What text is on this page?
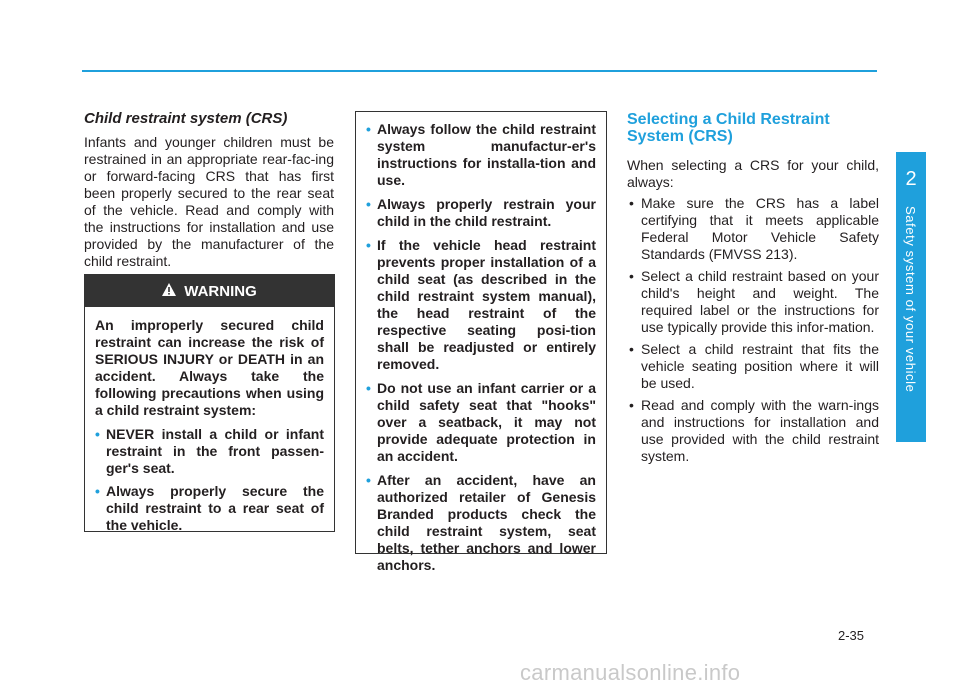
2
Safety system of your vehicle
Child restraint system (CRS)

Infants and younger children must be restrained in an appropriate rear-fac-ing or forward-facing CRS that has first been properly secured to the rear seat of the vehicle. Read and comply with the instructions for installation and use provided by the manufacturer of the child restraint.

WARNING

An improperly secured child restraint can increase the risk of SERIOUS INJURY or DEATH in an accident. Always take the following precautions when using a child restraint system:

• NEVER install a child or infant restraint in the front passen-ger's seat.
• Always properly secure the child restraint to a rear seat of the vehicle.
• Always follow the child restraint system manufactur-er's instructions for installa-tion and use.
• Always properly restrain your child in the child restraint.
• If the vehicle head restraint prevents proper installation of a child seat (as described in the child restraint system manual), the head restraint of the respective seating posi-tion shall be readjusted or entirely removed.
• Do not use an infant carrier or a child safety seat that "hooks" over a seatback, it may not provide adequate protection in an accident.
• After an accident, have an authorized retailer of Genesis Branded products check the child restraint system, seat belts, tether anchors and lower anchors.
Selecting a Child Restraint System (CRS)

When selecting a CRS for your child, always:

• Make sure the CRS has a label certifying that it meets applicable Federal Motor Vehicle Safety Standards (FMVSS 213).
• Select a child restraint based on your child's height and weight. The required label or the instructions for use typically provide this infor-mation.
• Select a child restraint that fits the vehicle seating position where it will be used.
• Read and comply with the warn-ings and instructions for installation and use provided with the child restraint system.
2-35
carmanualsonline.info
